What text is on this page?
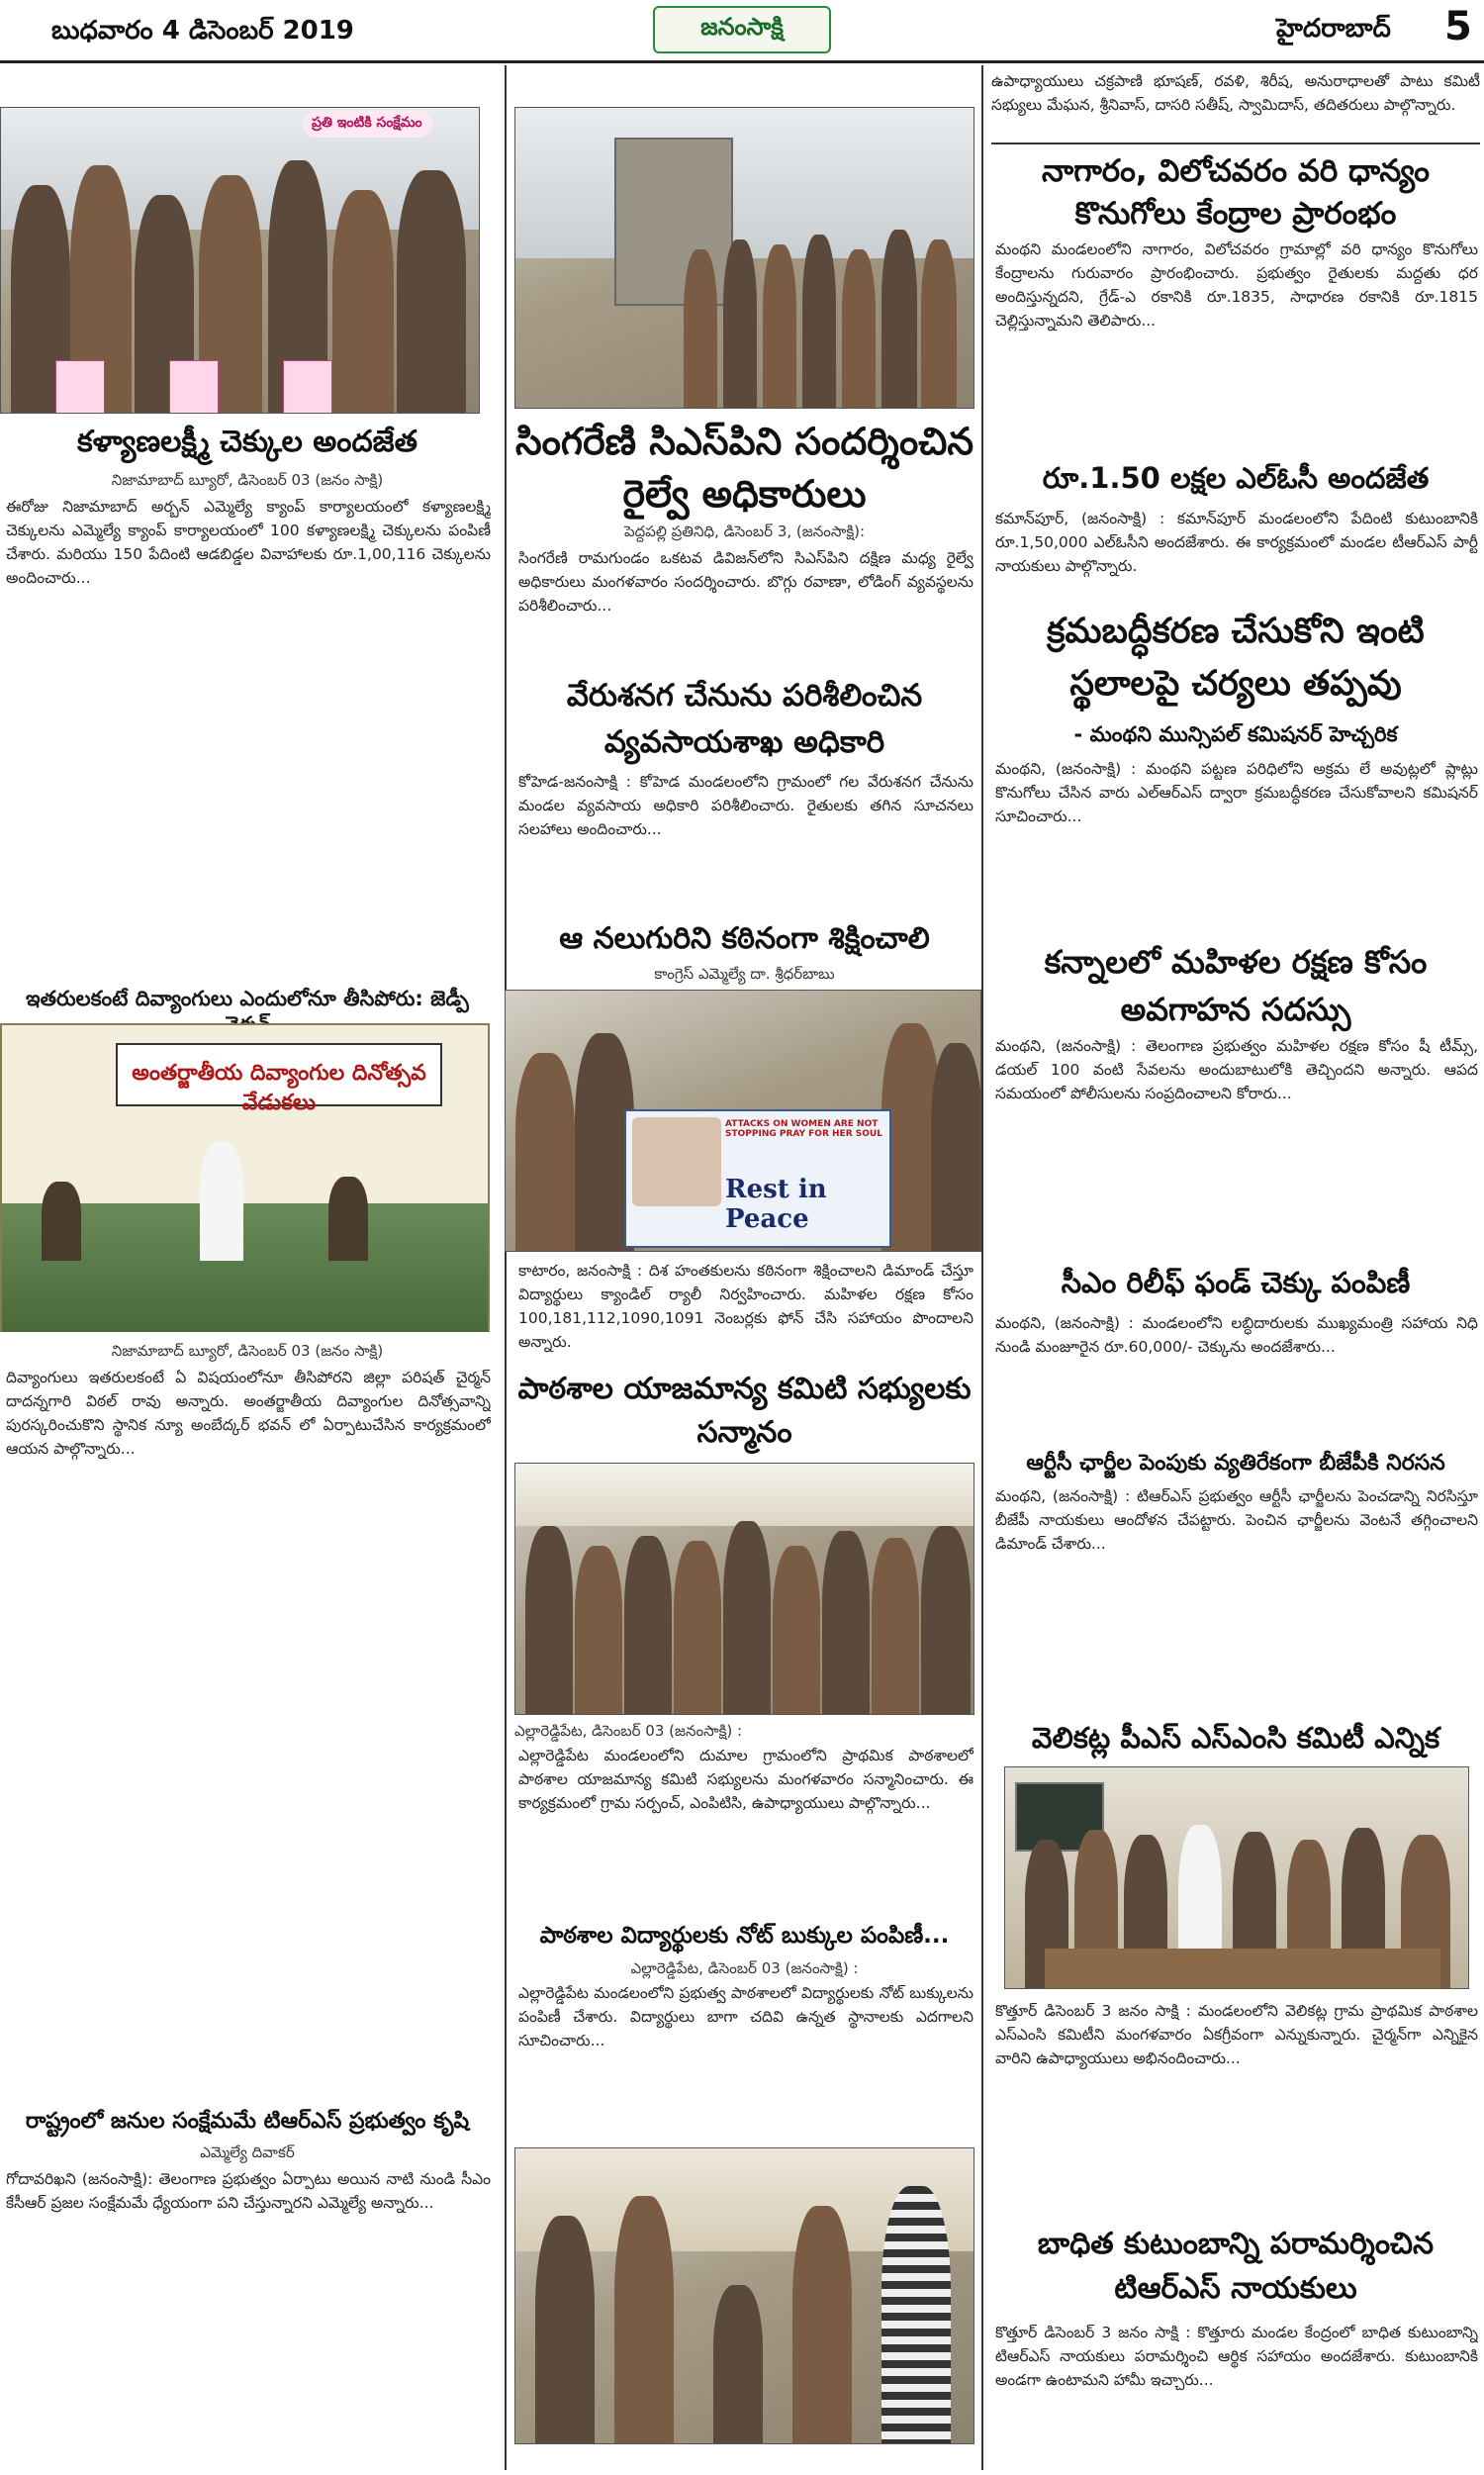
బుధవారం 4 డిసెంబర్ 2019	జనంసాక్షి	హైదరాబాద్ 5
ప్రతి ఇంటికి సంక్షేమం
కళ్యాణలక్ష్మీ చెక్కుల అందజేత
నిజామాబాద్ బ్యూరో, డిసెంబర్ 03 (జనం సాక్షి)
ఈరోజు నిజామాబాద్ అర్బన్ ఎమ్మెల్యే క్యాంప్ కార్యాలయంలో కళ్యాణలక్ష్మి చెక్కులను ఎమ్మెల్యే క్యాంప్ కార్యాలయంలో 100 కళ్యాణలక్ష్మి చెక్కులను పంపిణీ చేశారు. మరియు 150 పేదింటి ఆడబిడ్డల వివాహాలకు రూ.1,00,116 చెక్కులను అందించారు...
ఇతరులకంటే దివ్యాంగులు ఎందులోనూ తీసిపోరు: జెడ్పీ
అంతర్జాతీయ దివ్యాంగుల దినోత్సవ వేడుకలు
నిజామాబాద్ బ్యూరో, డిసెంబర్ 03 (జనం సాక్షి)
దివ్యాంగులు ఇతరులకంటే ఏ విషయంలోనూ తీసిపోరని జిల్లా పరిషత్ చైర్మన్ దాదన్నగారి విఠల్ రావు అన్నారు. అంతర్జాతీయ దివ్యాంగుల దినోత్సవాన్ని పురస్కరించుకొని స్థానిక న్యూ అంబేద్కర్ భవన్ లో ఏర్పాటుచేసిన కార్యక్రమంలో ఆయన పాల్గొన్నారు...
రాష్ట్రంలో జనుల సంక్షేమమే టిఆర్ఎస్ ప్రభుత్వం కృషి
ఎమ్మెల్యే దివాకర్
గోదావరిఖని (జనంసాక్షి): తెలంగాణ ప్రభుత్వం ఏర్పాటు అయిన నాటి నుండి సీఎం కేసీఆర్ ప్రజల సంక్షేమమే ధ్యేయంగా పని చేస్తున్నారని ఎమ్మెల్యే అన్నారు...
సింగరేణి సిఎస్‌పిని సందర్శించిన రైల్వే అధికారులు
పెద్దపల్లి ప్రతినిధి, డిసెంబర్ 3, (జనంసాక్షి):
సింగరేణి రామగుండం ఒకటవ డివిజన్‌లోని సిఎస్‌పిని దక్షిణ మధ్య రైల్వే అధికారులు మంగళవారం సందర్శించారు. బొగ్గు రవాణా, లోడింగ్ వ్యవస్థలను పరిశీలించారు...
వేరుశనగ చేనును పరిశీలించిన వ్యవసాయశాఖ అధికారి
కోహెడ-జనంసాక్షి : కోహెడ మండలంలోని గ్రామంలో గల వేరుశనగ చేనును మండల వ్యవసాయ అధికారి పరిశీలించారు. రైతులకు తగిన సూచనలు సలహాలు అందించారు...
ఆ నలుగురిని కఠినంగా శిక్షించాలి
కాంగ్రెస్ ఎమ్మెల్యే దా. శ్రీధర్‌బాబు
ATTACKS ON WOMEN ARE NOT STOPPING PRAY FOR HER SOUL
Rest in Peace
కాటారం, జనంసాక్షి : దిశ హంతకులను కఠినంగా శిక్షించాలని డిమాండ్ చేస్తూ విద్యార్థులు క్యాండిల్ ర్యాలీ నిర్వహించారు. మహిళల రక్షణ కోసం 100,181,112,1090,1091 నెంబర్లకు ఫోన్ చేసి సహాయం పొందాలని అన్నారు.
పాఠశాల యాజమాన్య కమిటి సభ్యులకు సన్మానం
ఎల్లారెడ్డిపేట, డిసెంబర్ 03 (జనంసాక్షి) :
ఎల్లారెడ్డిపేట మండలంలోని దుమాల గ్రామంలోని ప్రాథమిక పాఠశాలలో పాఠశాల యాజమాన్య కమిటి సభ్యులను మంగళవారం సన్మానించారు. ఈ కార్యక్రమంలో గ్రామ సర్పంచ్, ఎంపిటిసి, ఉపాధ్యాయులు పాల్గొన్నారు...
పాఠశాల విద్యార్థులకు నోట్ బుక్కుల పంపిణీ...
ఎల్లారెడ్డిపేట, డిసెంబర్ 03 (జనంసాక్షి) :
ఎల్లారెడ్డిపేట మండలంలోని ప్రభుత్వ పాఠశాలలో విద్యార్థులకు నోట్ బుక్కులను పంపిణీ చేశారు. విద్యార్థులు బాగా చదివి ఉన్నత స్థానాలకు ఎదగాలని సూచించారు...
ఉపాధ్యాయులు చక్రపాణి భూషణ్, రవళి, శిరీష, అనురాధాలతో పాటు కమిటీ సభ్యులు మేఘన, శ్రీనివాస్, దాసరి సతీష్, స్వామిదాస్, తదితరులు పాల్గొన్నారు.
నాగారం, విలోచవరం వరి ధాన్యం కొనుగోలు కేంద్రాల ప్రారంభం
మంథని మండలంలోని నాగారం, విలోచవరం గ్రామాల్లో వరి ధాన్యం కొనుగోలు కేంద్రాలను గురువారం ప్రారంభించారు. ప్రభుత్వం రైతులకు మద్దతు ధర అందిస్తున్నదని, గ్రేడ్-ఎ రకానికి రూ.1835, సాధారణ రకానికి రూ.1815 చెల్లిస్తున్నామని తెలిపారు...
రూ.1.50 లక్షల ఎల్ఓసీ అందజేత
కమాన్‌పూర్, (జనంసాక్షి) : కమాన్‌పూర్ మండలంలోని పేదింటి కుటుంబానికి రూ.1,50,000 ఎల్ఓసీని అందజేశారు. ఈ కార్యక్రమంలో మండల టీఆర్ఎస్ పార్టీ నాయకులు పాల్గొన్నారు.
క్రమబద్ధీకరణ చేసుకోని ఇంటి స్థలాలపై చర్యలు తప్పవు
- మంథని మున్సిపల్ కమిషనర్ హెచ్చరిక
మంథని, (జనంసాక్షి) : మంథని పట్టణ పరిధిలోని అక్రమ లే అవుట్లలో ప్లాట్లు కొనుగోలు చేసిన వారు ఎల్ఆర్ఎస్ ద్వారా క్రమబద్ధీకరణ చేసుకోవాలని కమిషనర్ సూచించారు...
కన్నాలలో మహిళల రక్షణ కోసం అవగాహన సదస్సు
మంథని, (జనంసాక్షి) : తెలంగాణ ప్రభుత్వం మహిళల రక్షణ కోసం షీ టీమ్స్, డయల్ 100 వంటి సేవలను అందుబాటులోకి తెచ్చిందని అన్నారు. ఆపద సమయంలో పోలీసులను సంప్రదించాలని కోరారు...
సీఎం రిలీఫ్ ఫండ్ చెక్కు పంపిణీ
మంథని, (జనంసాక్షి) : మండలంలోని లబ్ధిదారులకు ముఖ్యమంత్రి సహాయ నిధి నుండి మంజూరైన రూ.60,000/- చెక్కును అందజేశారు...
ఆర్టీసీ ఛార్జీల పెంపుకు వ్యతిరేకంగా బీజేపీకి నిరసన
మంథని, (జనంసాక్షి) : టిఆర్ఎస్ ప్రభుత్వం ఆర్టీసీ ఛార్జీలను పెంచడాన్ని నిరసిస్తూ బీజేపీ నాయకులు ఆందోళన చేపట్టారు. పెంచిన ఛార్జీలను వెంటనే తగ్గించాలని డిమాండ్ చేశారు...
వెలికట్ల పీఎస్ ఎస్ఎంసి కమిటీ ఎన్నిక
కొత్తూర్ డిసెంబర్ 3 జనం సాక్షి : మండలంలోని వెలికట్ల గ్రామ ప్రాథమిక పాఠశాల ఎస్ఎంసి కమిటీని మంగళవారం ఏకగ్రీవంగా ఎన్నుకున్నారు. చైర్మన్‌గా ఎన్నికైన వారిని ఉపాధ్యాయులు అభినందించారు...
బాధిత కుటుంబాన్ని పరామర్శించిన టిఆర్ఎస్ నాయకులు
కొత్తూర్ డిసెంబర్ 3 జనం సాక్షి : కొత్తూరు మండల కేంద్రంలో బాధిత కుటుంబాన్ని టిఆర్ఎస్ నాయకులు పరామర్శించి ఆర్థిక సహాయం అందజేశారు. కుటుంబానికి అండగా ఉంటామని హామీ ఇచ్చారు...
